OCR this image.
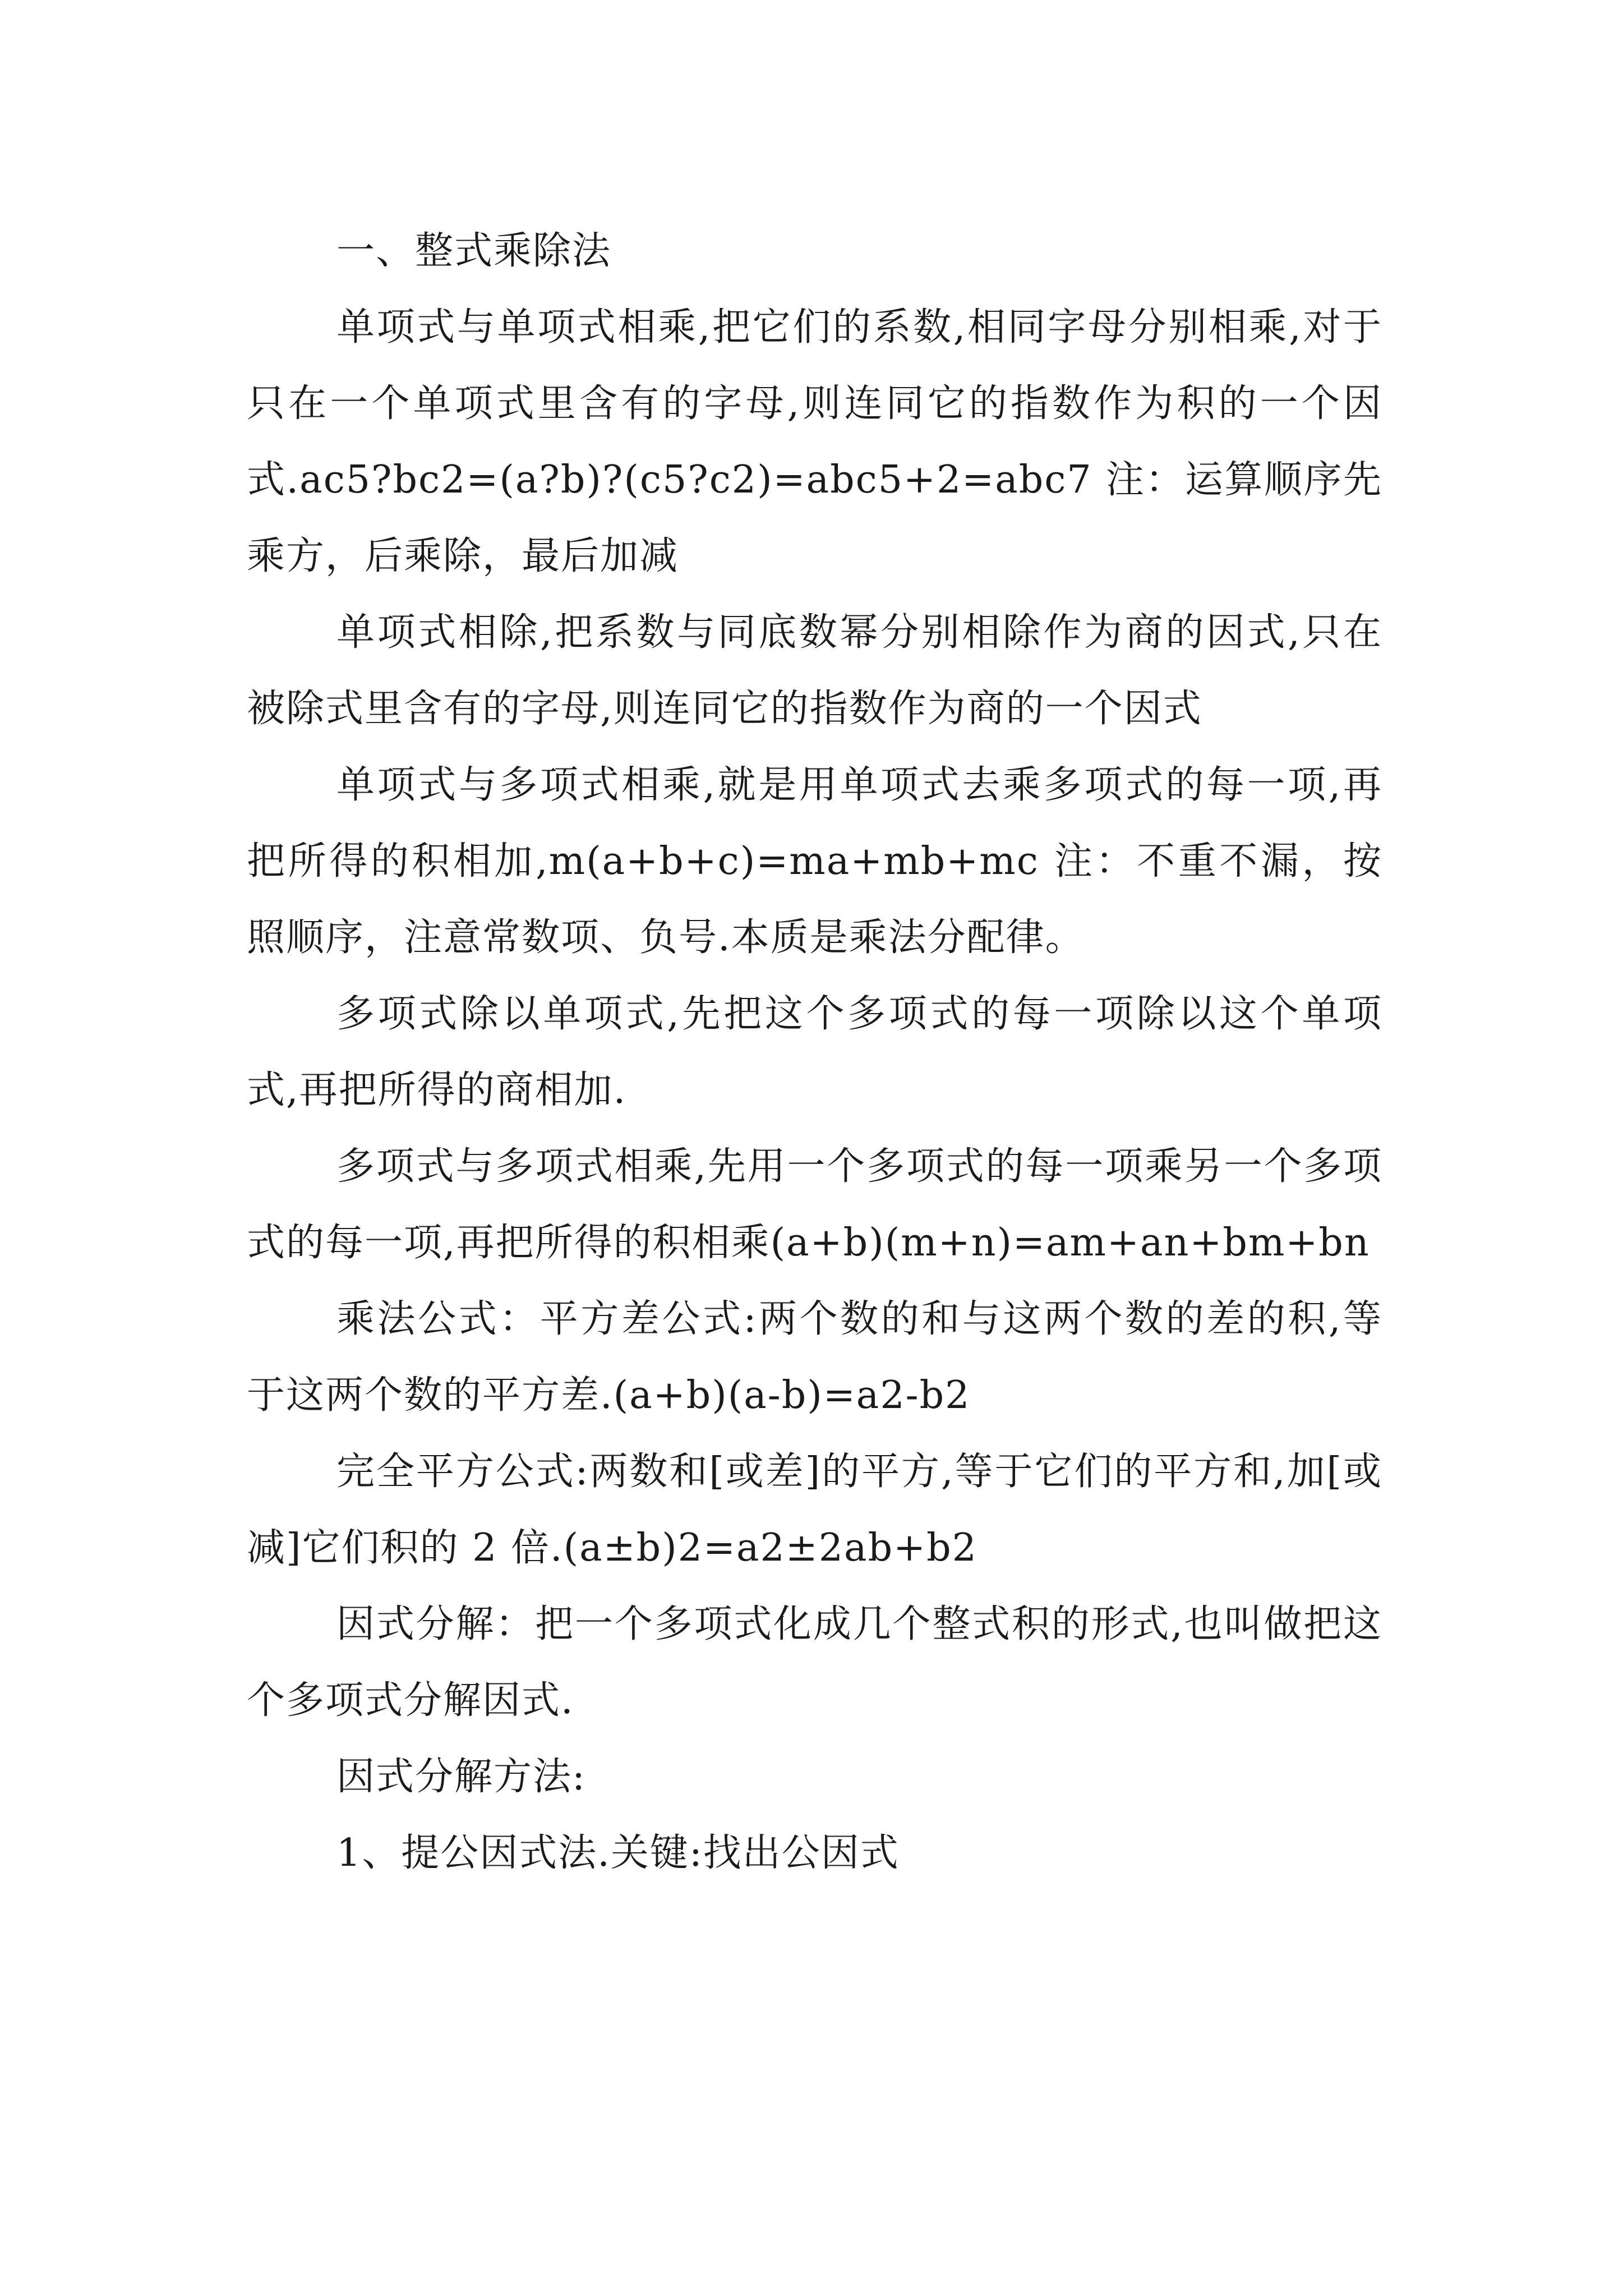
一、整式乘除法

单项式与单项式相乘,把它们的系数,相同字母分别相乘,对于只在一个单项式里含有的字母,则连同它的指数作为积的一个因式.ac5?bc2=(a?b)?(c5?c2)=abc5+2=abc7 注：运算顺序先乘方，后乘除，最后加减

单项式相除,把系数与同底数幂分别相除作为商的因式,只在被除式里含有的字母,则连同它的指数作为商的一个因式

单项式与多项式相乘,就是用单项式去乘多项式的每一项,再把所得的积相加,m(a+b+c)=ma+mb+mc 注：不重不漏，按照顺序，注意常数项、负号.本质是乘法分配律。

多项式除以单项式,先把这个多项式的每一项除以这个单项式,再把所得的商相加.

多项式与多项式相乘,先用一个多项式的每一项乘另一个多项式的每一项,再把所得的积相乘(a+b)(m+n)=am+an+bm+bn

乘法公式：平方差公式:两个数的和与这两个数的差的积,等于这两个数的平方差.(a+b)(a-b)=a2-b2

完全平方公式:两数和[或差]的平方,等于它们的平方和,加[或减]它们积的 2 倍.(a±b)2=a2±2ab+b2

因式分解：把一个多项式化成几个整式积的形式,也叫做把这个多项式分解因式.

因式分解方法:

1、提公因式法.关键:找出公因式
